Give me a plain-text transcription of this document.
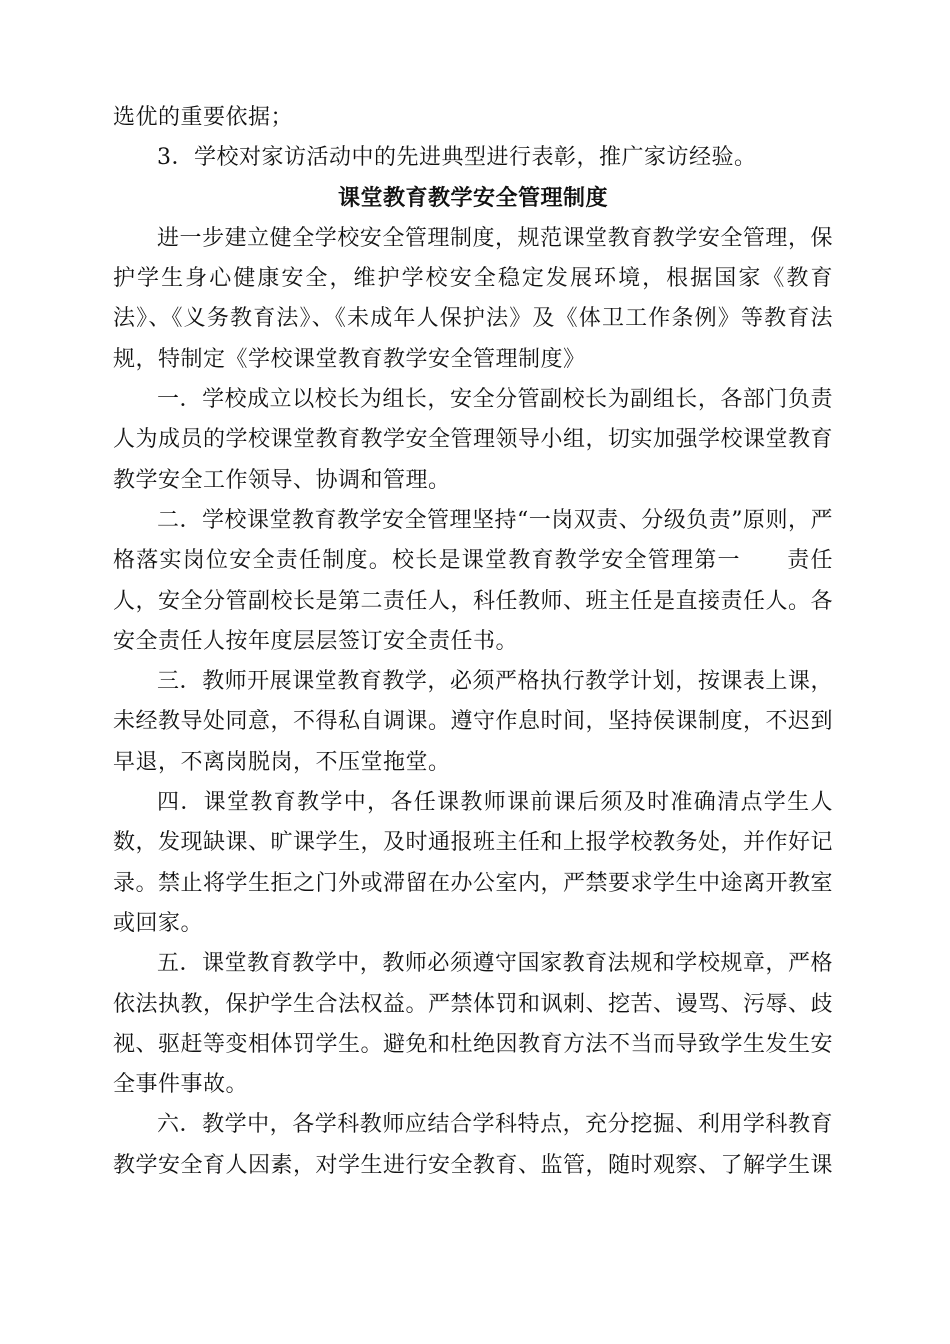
选优的重要依据；

3．学校对家访活动中的先进典型进行表彰，推广家访经验。

课堂教育教学安全管理制度

进一步建立健全学校安全管理制度，规范课堂教育教学安全管理，保护学生身心健康安全，维护学校安全稳定发展环境，根据国家《教育法》、《义务教育法》、《未成年人保护法》及《体卫工作条例》等教育法规，特制定《学校课堂教育教学安全管理制度》

一．学校成立以校长为组长，安全分管副校长为副组长，各部门负责人为成员的学校课堂教育教学安全管理领导小组，切实加强学校课堂教育教学安全工作领导、协调和管理。

二．学校课堂教育教学安全管理坚持“一岗双责、分级负责”原则，严格落实岗位安全责任制度。校长是课堂教育教学安全管理第一　　责任人，安全分管副校长是第二责任人，科任教师、班主任是直接责任人。各安全责任人按年度层层签订安全责任书。

三．教师开展课堂教育教学，必须严格执行教学计划，按课表上课，未经教导处同意，不得私自调课。遵守作息时间，坚持侯课制度，不迟到早退，不离岗脱岗，不压堂拖堂。

四．课堂教育教学中，各任课教师课前课后须及时准确清点学生人数，发现缺课、旷课学生，及时通报班主任和上报学校教务处，并作好记录。禁止将学生拒之门外或滞留在办公室内，严禁要求学生中途离开教室或回家。

五．课堂教育教学中，教师必须遵守国家教育法规和学校规章，严格依法执教，保护学生合法权益。严禁体罚和讽刺、挖苦、谩骂、污辱、歧视、驱赶等变相体罚学生。避免和杜绝因教育方法不当而导致学生发生安全事件事故。

六．教学中，各学科教师应结合学科特点，充分挖掘、利用学科教育教学安全育人因素，对学生进行安全教育、监管，随时观察、了解学生课
